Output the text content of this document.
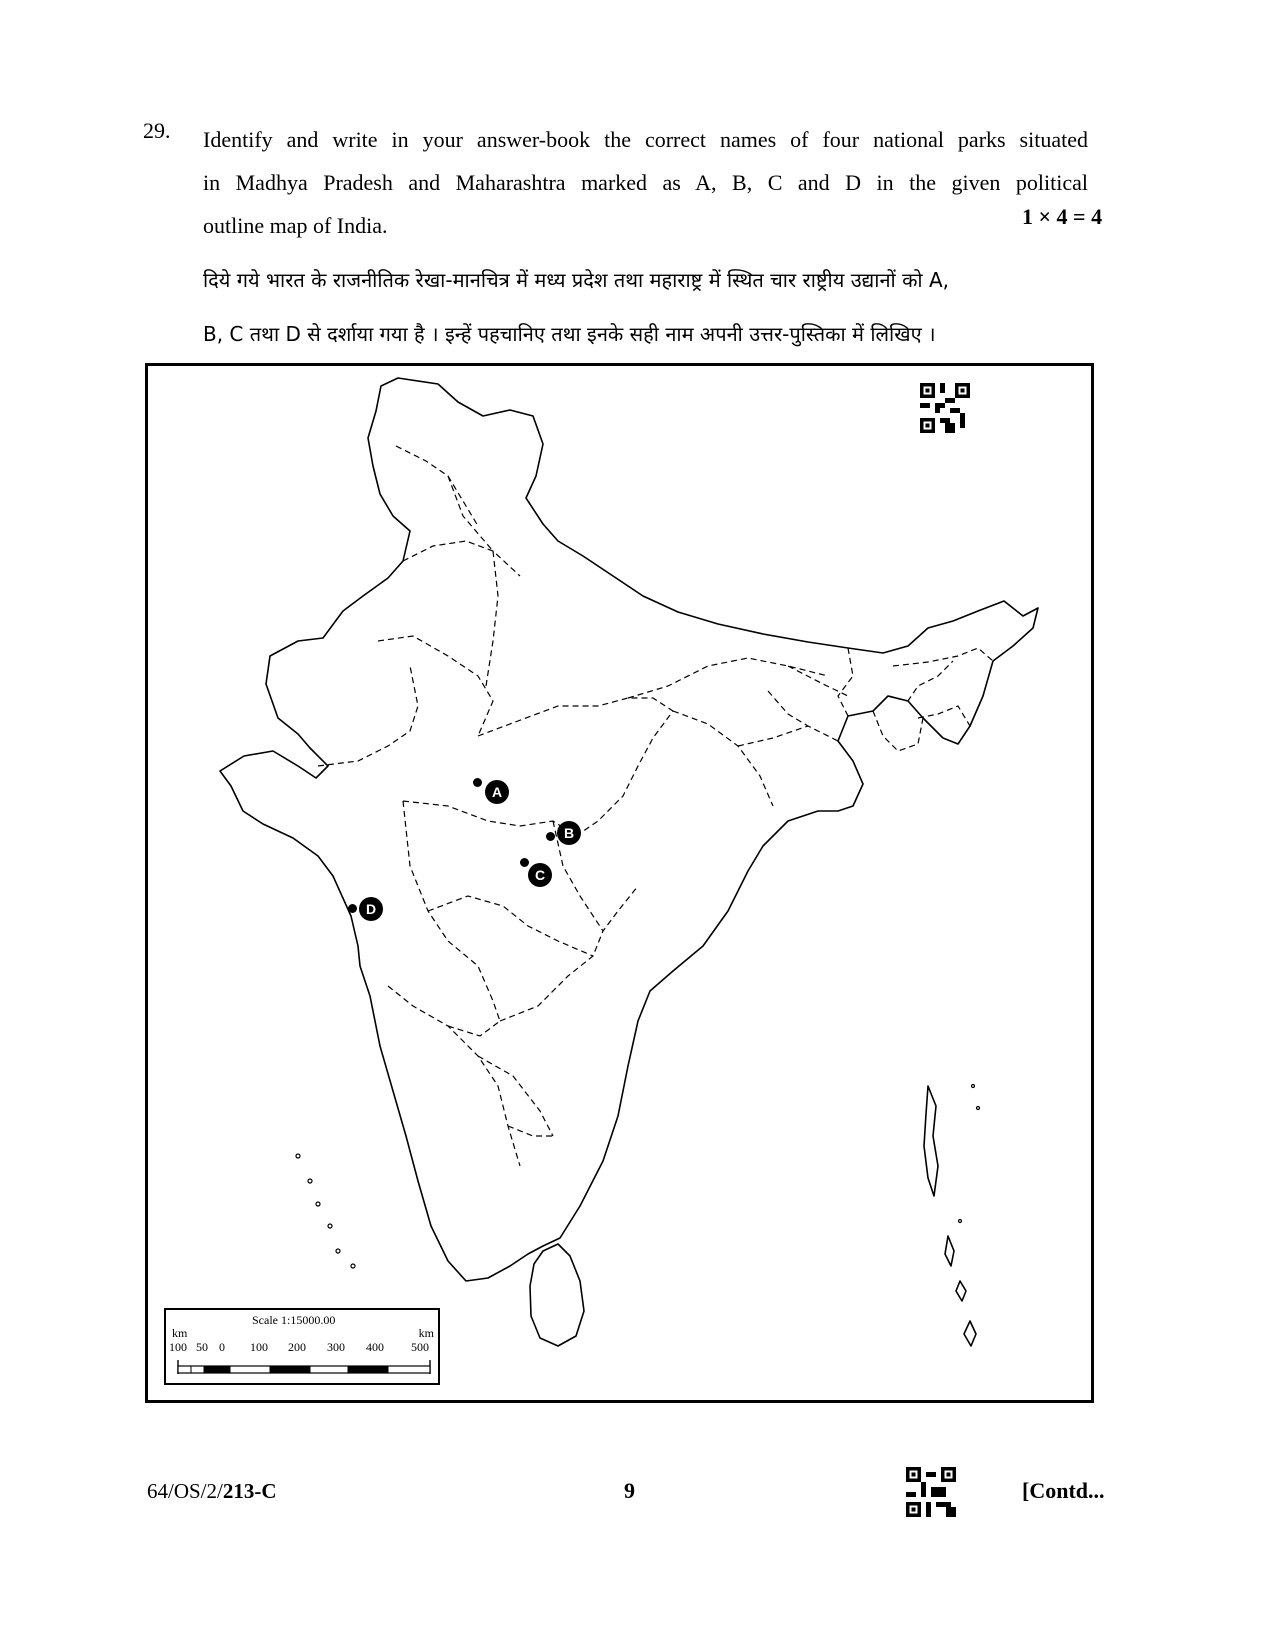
29. Identify and write in your answer-book the correct names of four national parks situated
in Madhya Pradesh and Maharashtra marked as A, B, C and D in the given political
outline map of India.	1 × 4 = 4
दिये गये भारत के राजनीतिक रेखा-मानचित्र में मध्य प्रदेश तथा महाराष्ट्र में स्थित चार राष्ट्रीय उद्यानों को A,
B, C तथा D से दर्शाया गया है । इन्हें पहचानिए तथा इनके सही नाम अपनी उत्तर-पुस्तिका में लिखिए ।
A
B
C
D
Scale 1:15000.00
km	km
100 50 0 100 200 300 400 500
64/OS/2/213-C	9	[Contd...
